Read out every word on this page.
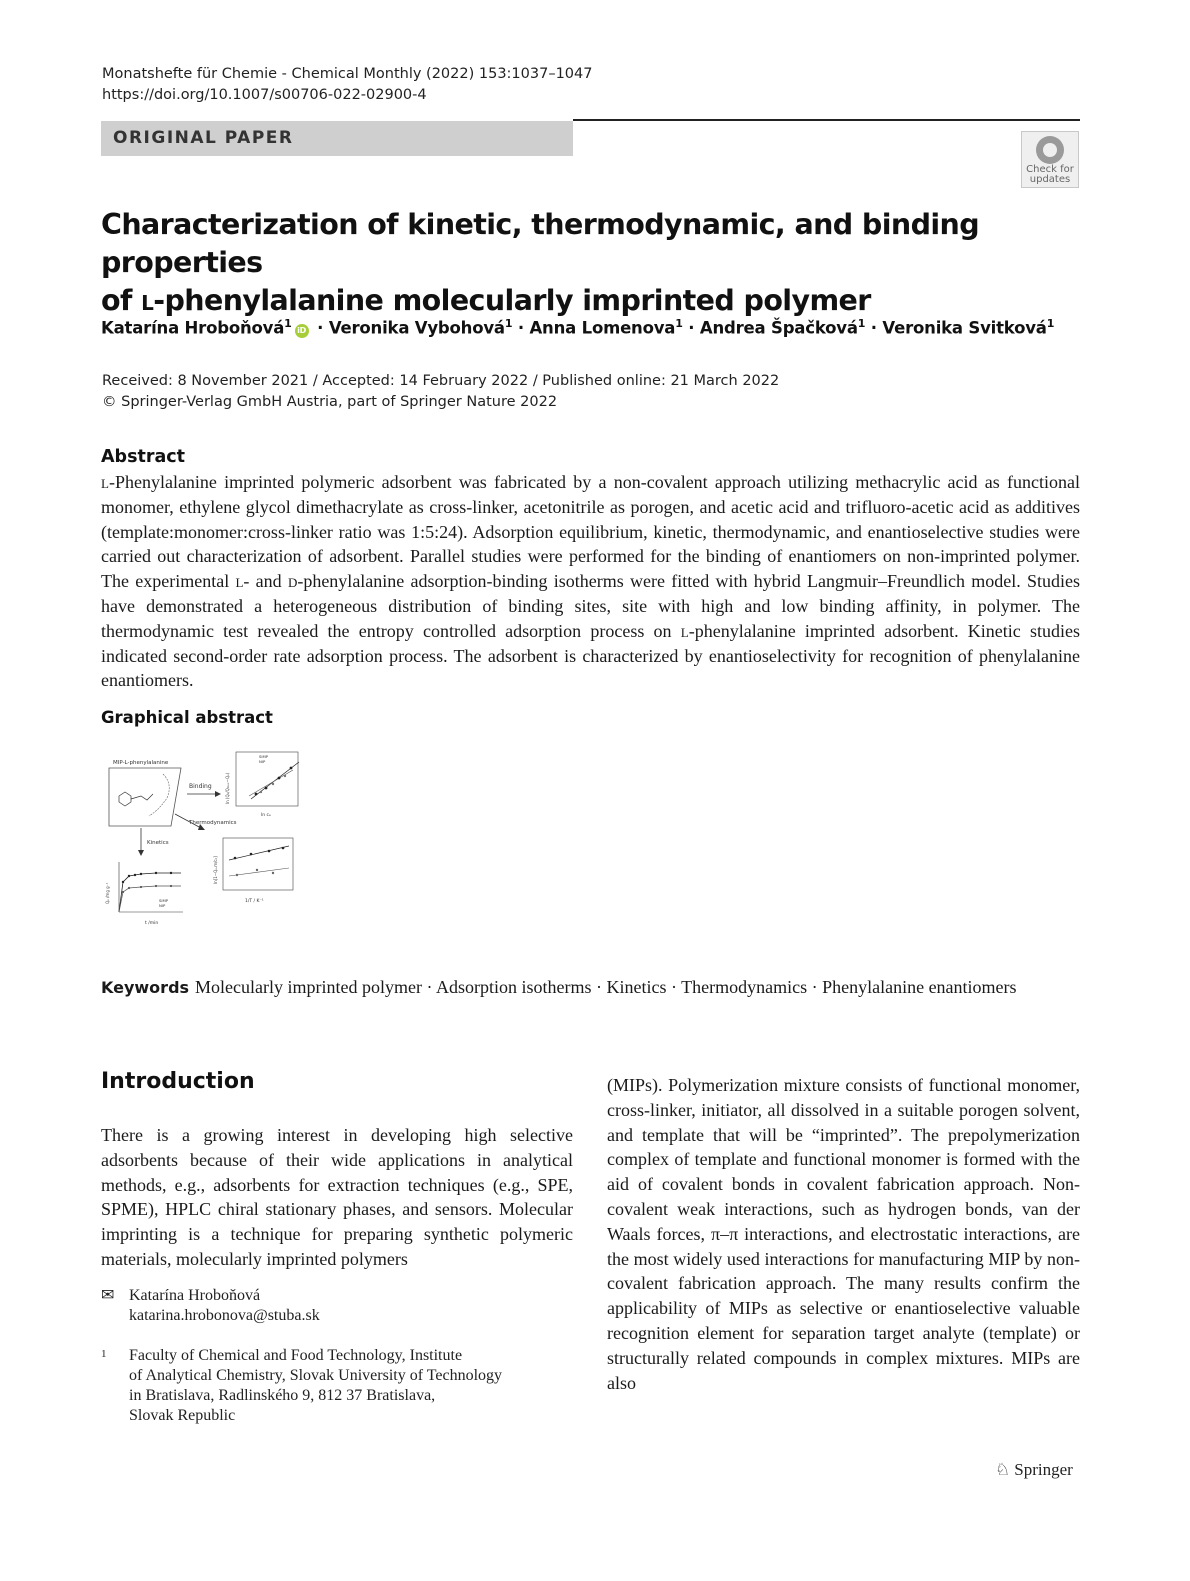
Monatshefte für Chemie - Chemical Monthly (2022) 153:1037–1047
https://doi.org/10.1007/s00706-022-02900-4
ORIGINAL PAPER
Check for updates
Characterization of kinetic, thermodynamic, and binding properties
of l-phenylalanine molecularly imprinted polymer
Katarína Hroboňová$^1$ iD · Veronika Vybohová$^1$ · Anna Lomenova$^1$ · Andrea Špačková$^1$ · Veronika Svitková$^1$
Received: 8 November 2021 / Accepted: 14 February 2022 / Published online: 21 March 2022
© Springer-Verlag GmbH Austria, part of Springer Nature 2022
Abstract
l-Phenylalanine imprinted polymeric adsorbent was fabricated by a non-covalent approach utilizing methacrylic acid as functional monomer, ethylene glycol dimethacrylate as cross-linker, acetonitrile as porogen, and acetic acid and trifluoro-acetic acid as additives (template:monomer:cross-linker ratio was 1:5:24). Adsorption equilibrium, kinetic, thermodynamic, and enantioselective studies were carried out characterization of adsorbent. Parallel studies were performed for the binding of enantiomers on non-imprinted polymer. The experimental l- and d-phenylalanine adsorption-binding isotherms were fitted with hybrid Langmuir–Freundlich model. Studies have demonstrated a heterogeneous distribution of binding sites, site with high and low binding affinity, in polymer. The thermodynamic test revealed the entropy controlled adsorption process on l-phenylalanine imprinted adsorbent. Kinetic studies indicated second-order rate adsorption process. The adsorbent is characterized by enantioselectivity for recognition of phenylalanine enantiomers.
Graphical abstract
MIP-L-phenylalanine
Binding
ln cₑ
ln (Qₑ/Qₘₐₓ−Qₑ)
SIMP
NIP
Thermodynamics
1/T / K⁻¹
ln[1−Qₑ.m/c₀]
Kinetics
t /min
Qₑ /mg g⁻¹	SIMP
NIP
Keywords Molecularly imprinted polymer · Adsorption isotherms · Kinetics · Thermodynamics · Phenylalanine enantiomers
Introduction
There is a growing interest in developing high selective adsorbents because of their wide applications in analytical methods, e.g., adsorbents for extraction techniques (e.g., SPE, SPME), HPLC chiral stationary phases, and sensors. Molecular imprinting is a technique for preparing synthetic polymeric materials, molecularly imprinted polymers
(MIPs). Polymerization mixture consists of functional monomer, cross-linker, initiator, all dissolved in a suitable porogen solvent, and template that will be “imprinted”. The prepolymerization complex of template and functional monomer is formed with the aid of covalent bonds in covalent fabrication approach. Non-covalent weak interactions, such as hydrogen bonds, van der Waals forces, π–π interactions, and electrostatic interactions, are the most widely used interactions for manufacturing MIP by non-covalent fabrication approach. The many results confirm the applicability of MIPs as selective or enantioselective valuable recognition element for separation target analyte (template) or structurally related compounds in complex mixtures. MIPs are also
✉ Katarína Hroboňová
katarina.hrobonova@stuba.sk
1	Faculty of Chemical and Food Technology, Institute
of Analytical Chemistry, Slovak University of Technology
in Bratislava, Radlinského 9, 812 37 Bratislava,
Slovak Republic
♘ Springer
